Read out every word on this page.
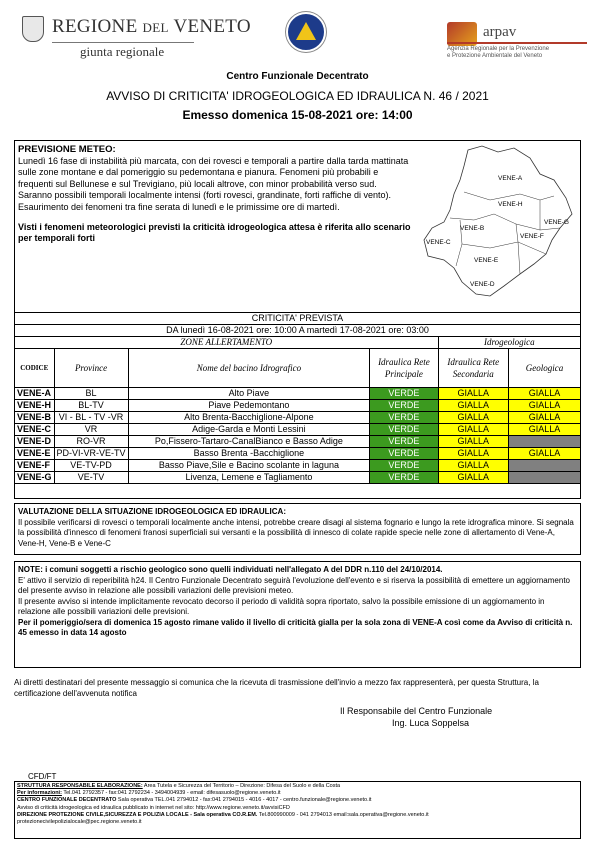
REGIONE DEL VENETO
giunta regionale
arpav
Agenzia Regionale per la Prevenzione
e Protezione Ambientale del Veneto
Centro Funzionale Decentrato
AVVISO DI CRITICITA' IDROGEOLOGICA ED IDRAULICA N. 46 / 2021
Emesso domenica 15-08-2021 ore: 14:00
PREVISIONE METEO:
Lunedì 16 fase di instabilità più marcata, con dei rovesci e temporali a partire dalla tarda mattinata sulle zone montane e dal pomeriggio su pedemontana e pianura. Fenomeni più probabili e frequenti sul Bellunese e sul Trevigiano, più locali altrove, con minor probabilità verso sud. Saranno possibili temporali localmente intensi (forti rovesci, grandinate, forti raffiche di vento). Esaurimento dei fenomeni tra fine serata di lunedì e le primissime ore di martedì.
Visti i fenomeni meteorologici previsti la criticità idrogeologica attesa è riferita allo scenario per temporali forti
VENE-A
VENE-H
VENE-G
VENE-B
VENE-F
VENE-C
VENE-E
VENE-D
CRITICITA' PREVISTA					
DA lunedì 16-08-2021 ore: 10:00 A martedì 17-08-2021 ore: 03:00					
ZONE ALLERTAMENTO				Idrogeologica	
CODICE	Province	Nome del bacino Idrografico	Idraulica Rete Principale	Idraulica Rete Secondaria	Geologica
VENE-A	BL	Alto Piave	VERDE	GIALLA	GIALLA
VENE-H	BL-TV	Piave Pedemontano	VERDE	GIALLA	GIALLA
VENE-B	VI - BL - TV -VR	Alto Brenta-Bacchiglione-Alpone	VERDE	GIALLA	GIALLA
VENE-C	VR	Adige-Garda e Monti Lessini	VERDE	GIALLA	GIALLA
VENE-D	RO-VR	Po,Fissero-Tartaro-CanalBianco e Basso Adige	VERDE	GIALLA	
VENE-E	PD-VI-VR-VE-TV	Basso Brenta -Bacchiglione	VERDE	GIALLA	GIALLA
VENE-F	VE-TV-PD	Basso Piave,Sile e Bacino scolante in laguna	VERDE	GIALLA	
VENE-G	VE-TV	Livenza, Lemene e Tagliamento	VERDE	GIALLA	
VALUTAZIONE DELLA SITUAZIONE IDROGEOLOGICA ED IDRAULICA:
Il possibile verificarsi di rovesci o temporali localmente anche intensi, potrebbe creare disagi al sistema fognario e lungo la rete idrografica minore. Si segnala la possibilità d'innesco di fenomeni franosi superficiali sui versanti e la possibilità di innesco di colate rapide specie nelle zone di allertamento di Vene-A, Vene-H, Vene-B e Vene-C
NOTE: i comuni soggetti a rischio geologico sono quelli individuati nell'allegato A del DDR n.110 del 24/10/2014.
E' attivo il servizio di reperibilità h24. Il Centro Funzionale Decentrato seguirà l'evoluzione dell'evento e si riserva la possibilità di emettere un aggiornamento del presente avviso in relazione alle possibili variazioni delle previsioni meteo.
Il presente avviso si intende implicitamente revocato decorso il periodo di validità sopra riportato, salvo la possibile emissione di un aggiornamento in relazione alle possibili variazioni delle previsioni.
Per il pomeriggio/sera di domenica 15 agosto rimane valido il livello di criticità gialla per la sola zona di VENE-A così come da Avviso di criticità n. 45 emesso in data 14 agosto
Ai diretti destinatari del presente messaggio si comunica che la ricevuta di trasmissione dell'invio a mezzo fax rappresenterà, per questa Struttura, la certificazione dell'avvenuta notifica
Il Responsabile del Centro Funzionale
Ing. Luca Soppelsa
CFD/FT
STRUTTURA RESPONSABILE ELABORAZIONE: Area Tutela e Sicurezza del Territorio – Direzione: Difesa del Suolo e della Costa
Per informazioni: Tel.041 2792357 - fax:041 2792234 - 3494004939 - email: difesasuolo@regione.veneto.it
CENTRO FUNZIONALE DECENTRATO Sala operativa TEL.041 2794012 - fax:041 2794015 - 4016 - 4017 - centro.funzionale@regione.veneto.it
Avviso di criticità idrogeologica ed idraulica pubblicato in internet nel sito: http://www.regione.veneto.it/avvisiCFD
DIREZIONE PROTEZIONE CIVILE,SICUREZZA E POLIZIA LOCALE - Sala operativa CO.R.EM. Tel.800990009 - 041 2794013 email:sala.operativa@regione.veneto.it
protezionecivilepolizialocale@pec.regione.veneto.it
